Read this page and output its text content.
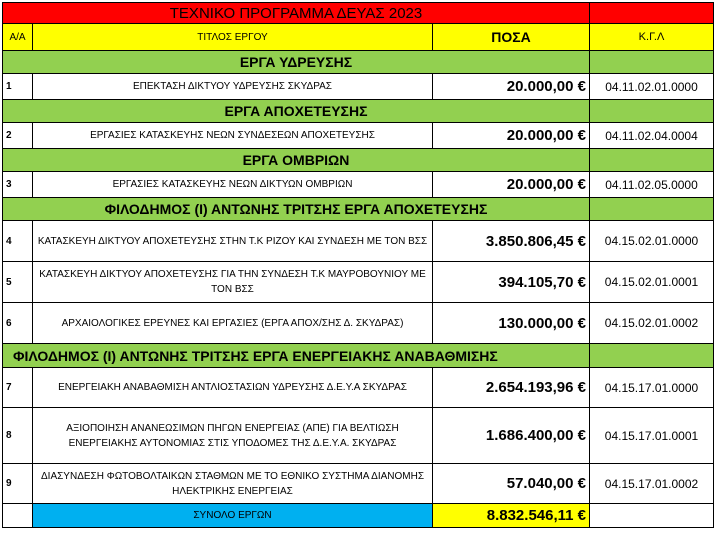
ΤΕΧΝΙΚΟ ΠΡΟΓΡΑΜΜΑ ΔΕΥΑΣ 2023			
Α/Α	ΤΙΤΛΟΣ ΕΡΓΟΥ	ΠΟΣΑ	Κ.Γ.Λ
ΕΡΓΑ ΥΔΡΕΥΣΗΣ			
1	ΕΠΕΚΤΑΣΗ ΔΙΚΤΥΟΥ ΥΔΡΕΥΣΗΣ ΣΚΥΔΡΑΣ	20.000,00 €	04.11.02.01.0000
ΕΡΓΑ ΑΠΟΧΕΤΕΥΣΗΣ			
2	ΕΡΓΑΣΙΕΣ ΚΑΤΑΣΚΕΥΗΣ ΝΕΩΝ ΣΥΝΔΕΣΕΩΝ ΑΠΟΧΕΤΕΥΣΗΣ	20.000,00 €	04.11.02.04.0004
ΕΡΓΑ ΟΜΒΡΙΩΝ			
3	ΕΡΓΑΣΙΕΣ ΚΑΤΑΣΚΕΥΗΣ ΝΕΩΝ ΔΙΚΤΥΩΝ ΟΜΒΡΙΩΝ	20.000,00 €	04.11.02.05.0000
ΦΙΛΟΔΗΜΟΣ (Ι) ΑΝΤΩΝΗΣ ΤΡΙΤΣΗΣ ΕΡΓΑ ΑΠΟΧΕΤΕΥΣΗΣ			
4	ΚΑΤΑΣΚΕΥΗ ΔΙΚΤΥΟΥ ΑΠΟΧΕΤΕΥΣΗΣ ΣΤΗΝ Τ.Κ ΡΙΖΟΥ ΚΑΙ ΣΥΝΔΕΣΗ ΜΕ ΤΟΝ ΒΣΣ	3.850.806,45 €	04.15.02.01.0000
5	ΚΑΤΑΣΚΕΥΗ ΔΙΚΤΥΟΥ ΑΠΟΧΕΤΕΥΣΗΣ ΓΙΑ ΤΗΝ ΣΥΝΔΕΣΗ Τ.Κ ΜΑΥΡΟΒΟΥΝΙΟΥ ΜΕ ΤΟΝ ΒΣΣ	394.105,70 €	04.15.02.01.0001
6	ΑΡΧΑΙΟΛΟΓΙΚΕΣ ΕΡΕΥΝΕΣ ΚΑΙ ΕΡΓΑΣΙΕΣ (ΕΡΓΑ ΑΠΟΧ/ΣΗΣ Δ. ΣΚΥΔΡΑΣ)	130.000,00 €	04.15.02.01.0002
ΦΙΛΟΔΗΜΟΣ (Ι) ΑΝΤΩΝΗΣ ΤΡΙΤΣΗΣ ΕΡΓΑ ΕΝΕΡΓΕΙΑΚΗΣ ΑΝΑΒΑΘΜΙΣΗΣ			
7	ΕΝΕΡΓΕΙΑΚΗ ΑΝΑΒΑΘΜΙΣΗ ΑΝΤΛΙΟΣΤΑΣΙΩΝ ΥΔΡΕΥΣΗΣ Δ.Ε.Υ.Α ΣΚΥΔΡΑΣ	2.654.193,96 €	04.15.17.01.0000
8	ΑΞΙΟΠΟΙΗΣΗ ΑΝΑΝΕΩΣΙΜΩΝ ΠΗΓΩΝ ΕΝΕΡΓΕΙΑΣ (ΑΠΕ) ΓΙΑ ΒΕΛΤΙΩΣΗ ΕΝΕΡΓΕΙΑΚΗΣ ΑΥΤΟΝΟΜΙΑΣ ΣΤΙΣ ΥΠΟΔΟΜΕΣ ΤΗΣ Δ.Ε.Υ.Α. ΣΚΥΔΡΑΣ	1.686.400,00 €	04.15.17.01.0001
9	ΔΙΑΣΥΝΔΕΣΗ ΦΩΤΟΒΟΛΤΑΙΚΩΝ ΣΤΑΘΜΩΝ ΜΕ ΤΟ ΕΘΝΙΚΟ ΣΥΣΤΗΜΑ ΔΙΑΝΟΜΗΣ ΗΛΕΚΤΡΙΚΗΣ ΕΝΕΡΓΕΙΑΣ	57.040,00 €	04.15.17.01.0002
	ΣΥΝΟΛΟ ΕΡΓΩΝ	8.832.546,11 €	
